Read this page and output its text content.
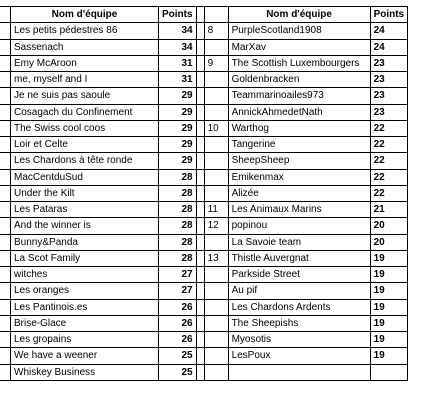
	Nom d'équipe	Points			Nom d'équipe	Points
	Les petits pédestres 86	34		8	PurpleScotland1908	24
	Sassenach	34			MarXav	24
	Emy McAroon	31		9	The Scottish Luxembourgers	23
	me, myself and I	31			Goldenbracken	23
	Je ne suis pas saoule	29			Teammarinoailes973	23
	Cosagach du Confinement	29			AnnickAhmedetNath	23
	The Swiss cool coos	29		10	Warthog	22
	Loir et Celte	29			Tangerine	22
	Les Chardons à tête ronde	29			SheepSheep	22
	MacCentduSud	28			Emikenmax	22
	Under the Kilt	28			Alizée	22
	Les Pataras	28		11	Les Animaux Marins	21
	And the winner is	28		12	popinou	20
	Bunny&Panda	28			La Savoie team	20
	La Scot Family	28		13	Thistle Auvergnat	19
	witches	27			Parkside Street	19
	Les oranges	27			Au pif	19
	Les Pantinois.es	26			Les Chardons Ardents	19
	Brise-Glace	26			The Sheepishs	19
	Les gropains	26			Myosotis	19
	We have a weener	25			LesPoux	19
	Whiskey Business	25				
